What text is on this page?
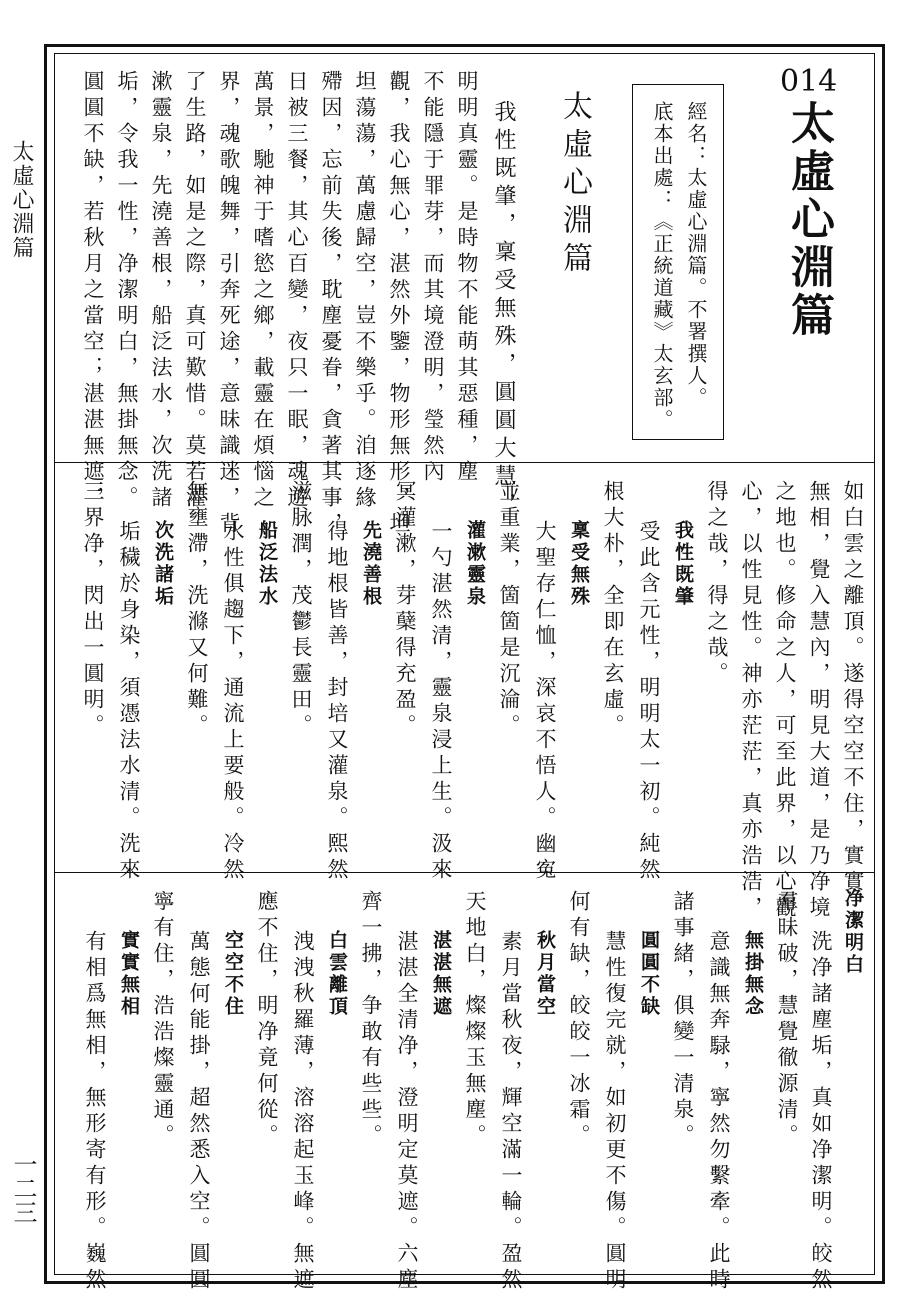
太虛心淵篇
一二三
014
太虛心淵篇
經名：太虛心淵篇。不署撰人。
底本出處：《正統道藏》太玄部。
太虛心淵篇
我性既肇，稟受無殊，圓圓大慧，
明明真靈。是時物不能萌其惡種，塵
不能隱于罪芽，而其境澄明，瑩然內
觀，我心無心，湛然外鑒，物形無形，坦
坦蕩蕩，萬慮歸空，豈不樂乎。洎逐緣
殢因，忘前失後，耽塵憂眷，貪著其事，
日被三餐，其心百變，夜只一眠，魂遊
萬景，馳神于嗜慾之鄉，載靈在煩惱之
界，魂歌魄舞，引奔死途，意昧識迷，背
了生路，如是之際，真可歎惜。莫若灌
漱靈泉，先澆善根，船泛法水，次洗諸
垢，令我一性，净潔明白，無掛無念。
圓圓不缺，若秋月之當空；湛湛無遮，
如白雲之離頂。遂得空空不住，實實
無相，覺入慧內，明見大道，是乃净境
之地也。修命之人，可至此界，以心觀
心，以性見性。神亦茫茫，真亦浩浩，
得之哉，得之哉。
我性既肇
受此含元性，明明太一初。純然
根大朴，全即在玄虛。
稟受無殊
大聖存仁恤，深哀不悟人。幽寃
並重業，箇箇是沉淪。
灌漱靈泉
一勺湛然清，靈泉浸上生。汲來
冥灌漱，芽蘖得充盈。
先澆善根
得地根皆善，封培又灌泉。熙然
滋脉潤，茂鬱長靈田。
船泛法水
水性俱趨下，通流上要般。冷然
無壅滯，洗滌又何難。
次洗諸垢
垢穢於身染，須憑法水清。洗來
三界净，閃出一圓明。
净潔明白
洗净諸塵垢，真如净潔明。皎然
羣昧破，慧覺徹源清。
無掛無念
意識無奔騄，寧然勿繫牽。此時
諸事緒，俱變一清泉。
圓圓不缺
慧性復完就，如初更不傷。圓明
何有缺，皎皎一冰霜。
秋月當空
素月當秋夜，輝空滿一輪。盈然
天地白，燦燦玉無塵。
湛湛無遮
湛湛全清净，澄明定莫遮。六塵
齊一拂，争敢有些些。
白雲離頂
洩洩秋羅薄，溶溶起玉峰。無遮
應不住，明净竟何從。
空空不住
萬態何能掛，超然悉入空。圓圓
寧有住，浩浩燦靈通。
實實無相
有相爲無相，無形寄有形。巍然
